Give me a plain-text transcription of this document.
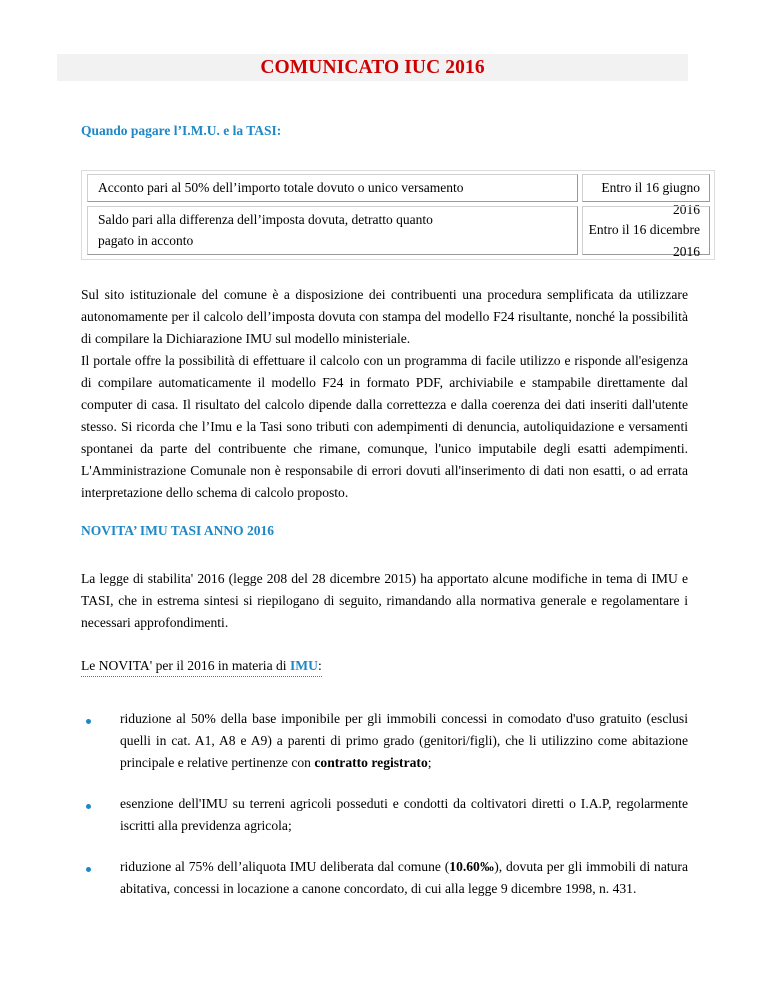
COMUNICATO IUC 2016
Quando pagare l’I.M.U. e la TASI:
Acconto pari al 50% dell’importo totale dovuto o unico versamento	Entro il 16 giugno 2016
Saldo pari alla differenza dell’imposta dovuta, detratto quanto
pagato in acconto
Entro il 16 dicembre 2016

Sul sito istituzionale del comune è a disposizione dei contribuenti una procedura semplificata da utilizzare autonomamente per il calcolo dell’imposta dovuta con stampa del modello F24 risultante, nonché la possibilità di compilare la Dichiarazione IMU sul modello ministeriale.

Il portale offre la possibilità di effettuare il calcolo con un programma di facile utilizzo e risponde all'esigenza di compilare automaticamente il modello F24 in formato PDF, archiviabile e stampabile direttamente dal computer di casa. Il risultato del calcolo dipende dalla correttezza e dalla coerenza dei dati inseriti dall'utente stesso. Si ricorda che l’Imu e la Tasi sono tributi con adempimenti di denuncia, autoliquidazione e versamenti spontanei da parte del contribuente che rimane, comunque, l'unico imputabile degli esatti adempimenti. L'Amministrazione Comunale non è responsabile di errori dovuti all'inserimento di dati non esatti, o ad errata interpretazione dello schema di calcolo proposto.

NOVITA’ IMU TASI ANNO 2016

La legge di stabilita' 2016 (legge 208 del 28 dicembre 2015) ha apportato alcune modifiche in tema di IMU e TASI, che in estrema sintesi si riepilogano di seguito, rimandando alla normativa generale e regolamentare i necessari approfondimenti.

Le NOVITA' per il 2016 in materia di IMU:

riduzione al 50% della base imponibile per gli immobili concessi in comodato d'uso gratuito (esclusi quelli in cat. A1, A8 e A9) a parenti di primo grado (genitori/figli), che li utilizzino come abitazione principale e relative pertinenze con contratto registrato;

esenzione dell'IMU su terreni agricoli posseduti e condotti da coltivatori diretti o I.A.P, regolarmente iscritti alla previdenza agricola;

riduzione al 75% dell’aliquota IMU deliberata dal comune (10.60‰), dovuta per gli immobili di natura abitativa, concessi in locazione a canone concordato, di cui alla legge 9 dicembre 1998, n. 431.
